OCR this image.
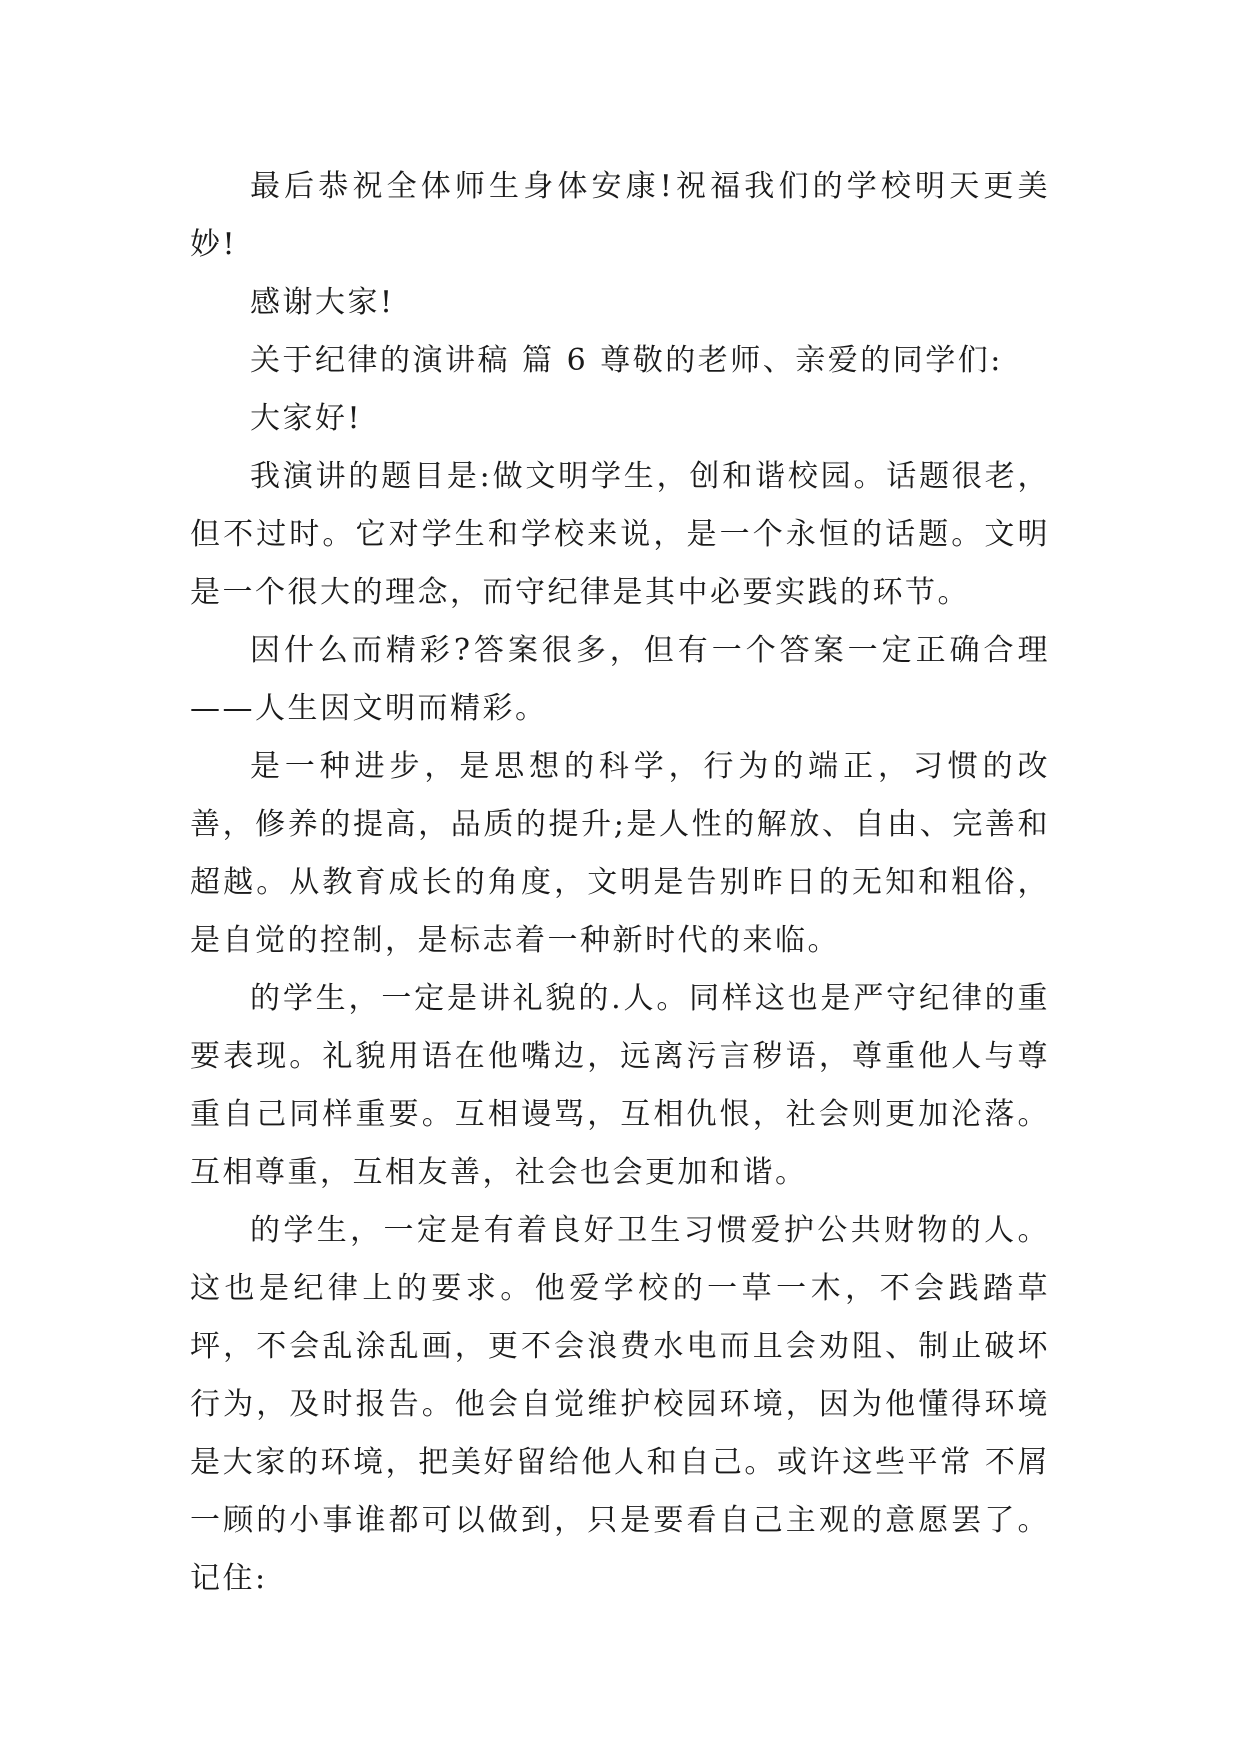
最后恭祝全体师生身体安康!祝福我们的学校明天更美妙!

感谢大家!

关于纪律的演讲稿 篇 6 尊敬的老师、亲爱的同学们:

大家好!

我演讲的题目是:做文明学生，创和谐校园。话题很老，但不过时。它对学生和学校来说，是一个永恒的话题。文明是一个很大的理念，而守纪律是其中必要实践的环节。

因什么而精彩?答案很多，但有一个答案一定正确合理——人生因文明而精彩。

是一种进步，是思想的科学，行为的端正，习惯的改善，修养的提高，品质的提升;是人性的解放、自由、完善和超越。从教育成长的角度，文明是告别昨日的无知和粗俗，是自觉的控制，是标志着一种新时代的来临。

的学生，一定是讲礼貌的.人。同样这也是严守纪律的重要表现。礼貌用语在他嘴边，远离污言秽语，尊重他人与尊重自己同样重要。互相谩骂，互相仇恨，社会则更加沦落。互相尊重，互相友善，社会也会更加和谐。

的学生，一定是有着良好卫生习惯爱护公共财物的人。这也是纪律上的要求。他爱学校的一草一木，不会践踏草坪，不会乱涂乱画，更不会浪费水电而且会劝阻、制止破坏行为，及时报告。他会自觉维护校园环境，因为他懂得环境是大家的环境，把美好留给他人和自己。或许这些平常 不屑一顾的小事谁都可以做到，只是要看自己主观的意愿罢了。记住:
